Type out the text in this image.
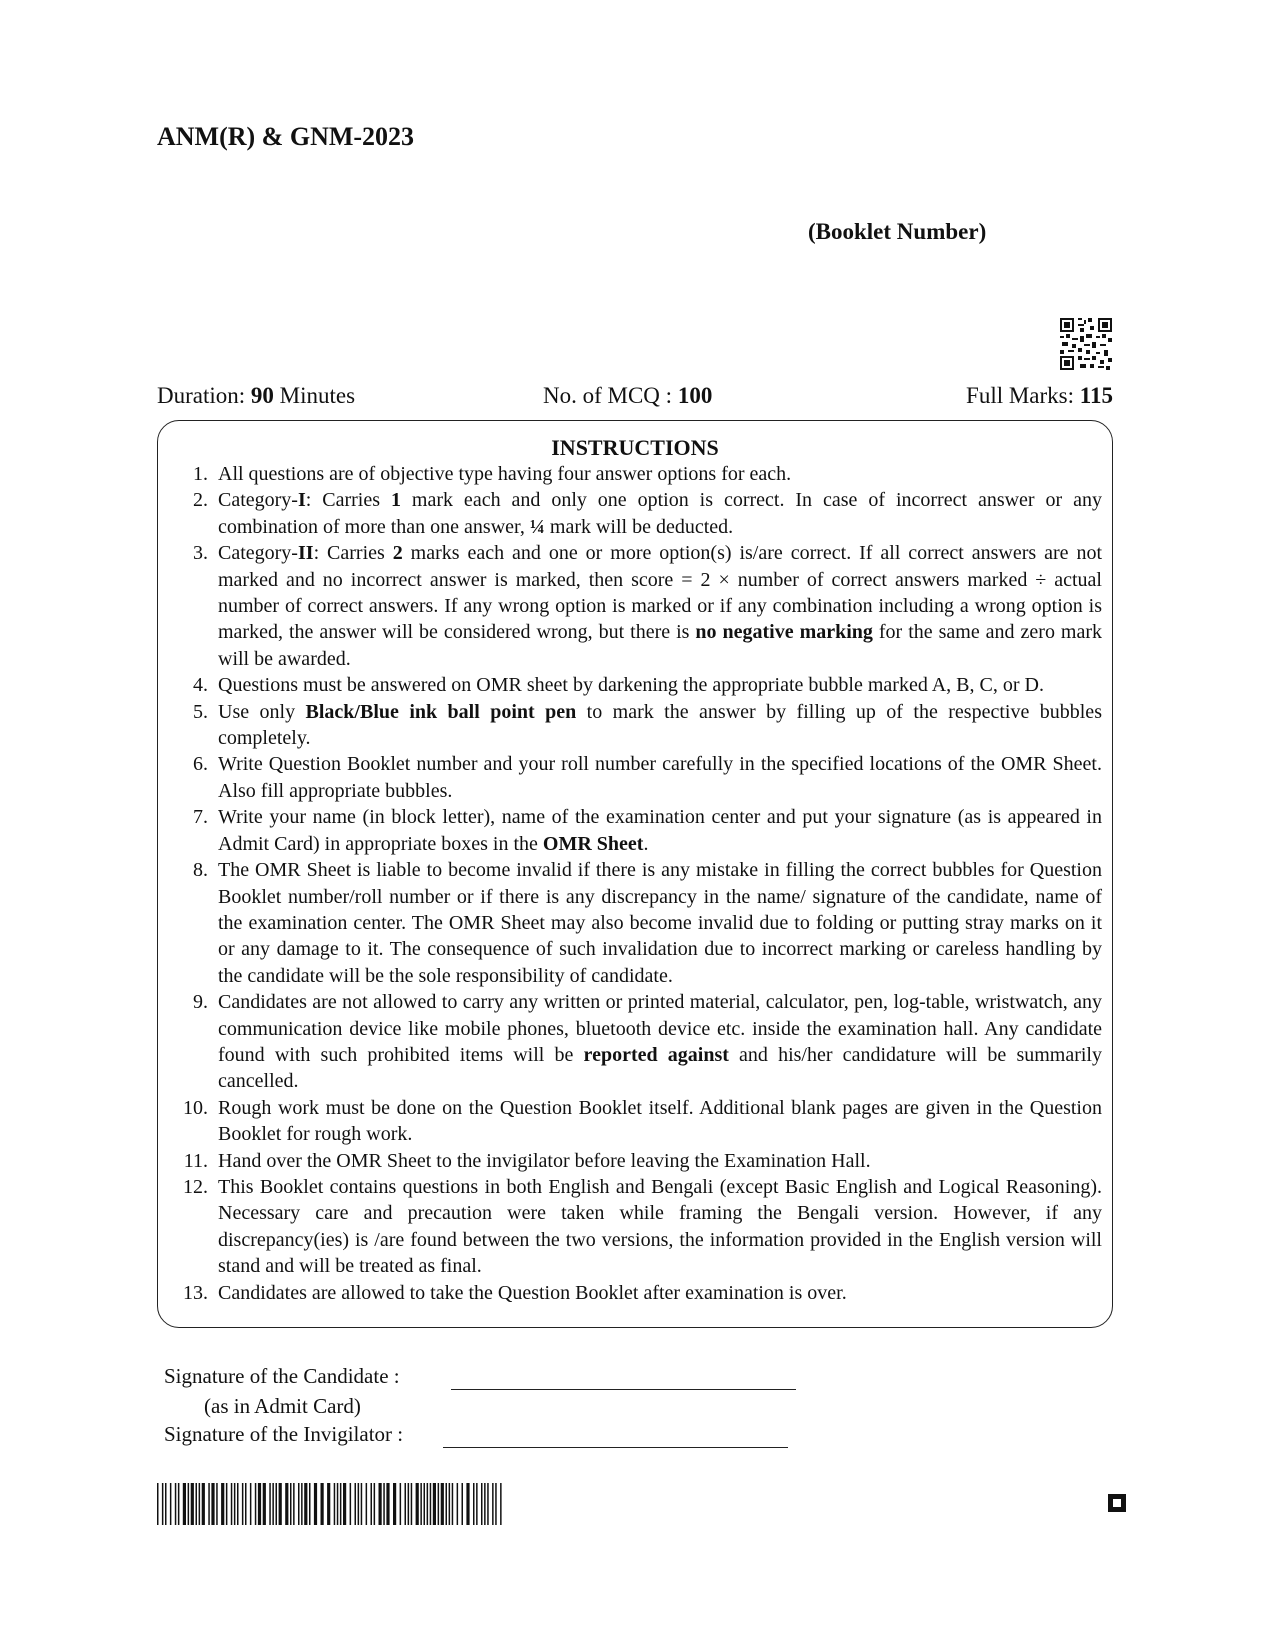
ANM(R) & GNM-2023
(Booklet Number)
Duration: 90 Minutes	No. of MCQ : 100	Full Marks: 115
INSTRUCTIONS
1. All questions are of objective type having four answer options for each.
2. Category-I: Carries 1 mark each and only one option is correct. In case of incorrect answer or any combination of more than one answer, ¼ mark will be deducted.
3. Category-II: Carries 2 marks each and one or more option(s) is/are correct. If all correct answers are not marked and no incorrect answer is marked, then score = 2 × number of correct answers marked ÷ actual number of correct answers. If any wrong option is marked or if any combination including a wrong option is marked, the answer will be considered wrong, but there is no negative marking for the same and zero mark will be awarded.
4. Questions must be answered on OMR sheet by darkening the appropriate bubble marked A, B, C, or D.
5. Use only Black/Blue ink ball point pen to mark the answer by filling up of the respective bubbles completely.
6. Write Question Booklet number and your roll number carefully in the specified locations of the OMR Sheet. Also fill appropriate bubbles.
7. Write your name (in block letter), name of the examination center and put your signature (as is appeared in Admit Card) in appropriate boxes in the OMR Sheet.
8. The OMR Sheet is liable to become invalid if there is any mistake in filling the correct bubbles for Question Booklet number/roll number or if there is any discrepancy in the name/ signature of the candidate, name of the examination center. The OMR Sheet may also become invalid due to folding or putting stray marks on it or any damage to it. The consequence of such invalidation due to incorrect marking or careless handling by the candidate will be the sole responsibility of candidate.
9. Candidates are not allowed to carry any written or printed material, calculator, pen, log-table, wristwatch, any communication device like mobile phones, bluetooth device etc. inside the examination hall. Any candidate found with such prohibited items will be reported against and his/her candidature will be summarily cancelled.
10. Rough work must be done on the Question Booklet itself. Additional blank pages are given in the Question Booklet for rough work.
11. Hand over the OMR Sheet to the invigilator before leaving the Examination Hall.
12. This Booklet contains questions in both English and Bengali (except Basic English and Logical Reasoning). Necessary care and precaution were taken while framing the Bengali version. However, if any discrepancy(ies) is /are found between the two versions, the information provided in the English version will stand and will be treated as final.
13. Candidates are allowed to take the Question Booklet after examination is over.
Signature of the Candidate :
(as in Admit Card)
Signature of the Invigilator :
